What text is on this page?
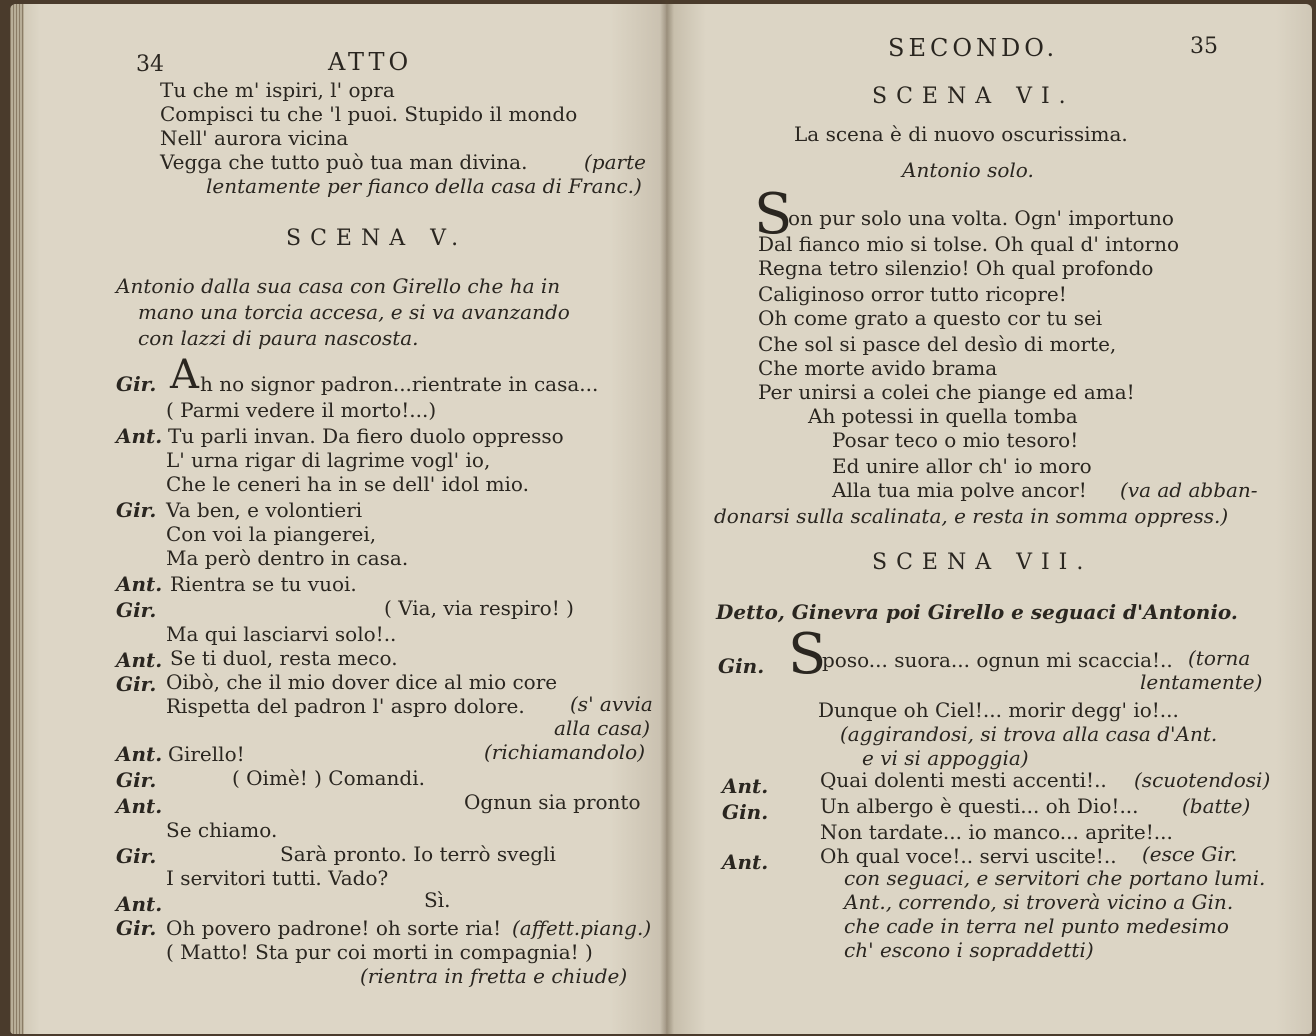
34	ATTO
Tu che m' ispiri, l' opra
Compisci tu che 'l puoi. Stupido il mondo
Nell' aurora vicina
Vegga che tutto può tua man divina.	(parte
lentamente per fianco della casa di Franc.)
SCENA V.
Antonio dalla sua casa con Girello che ha in
mano una torcia accesa, e si va avanzando
con lazzi di paura nascosta.
Gir. A h no signor padron...rientrate in casa...
( Parmi vedere il morto!...)
Ant. Tu parli invan. Da fiero duolo oppresso
L' urna rigar di lagrime vogl' io,
Che le ceneri ha in se dell' idol mio.
Gir. Va ben, e volontieri
Con voi la piangerei,
Ma però dentro in casa.
Ant. Rientra se tu vuoi.
Gir.	( Via, via respiro! )
Ma qui lasciarvi solo!..
Ant. Se ti duol, resta meco.
Gir. Oibò, che il mio dover dice al mio core
Rispetta del padron l' aspro dolore. (s' avvia
alla casa)
Ant. Girello!	(richiamandolo)
Gir.	( Oimè! ) Comandi.
Ant.	Ognun sia pronto
Se chiamo.
Gir.	Sarà pronto. Io terrò svegli
I servitori tutti. Vado?
Ant.	Sì.
Gir. Oh povero padrone! oh sorte ria! (affett.piang.)
( Matto! Sta pur coi morti in compagnia! )
(rientra in fretta e chiude)
SECONDO.	35
SCENA VI.
La scena è di nuovo oscurissima.
Antonio solo.
S
on pur solo una volta. Ogn' importuno
Dal fianco mio si tolse. Oh qual d' intorno
Regna tetro silenzio! Oh qual profondo
Caliginoso orror tutto ricopre!
Oh come grato a questo cor tu sei
Che sol si pasce del desìo di morte,
Che morte avido brama
Per unirsi a colei che piange ed ama!
Ah potessi in quella tomba
Posar teco o mio tesoro!
Ed unire allor ch' io moro
Alla tua mia polve ancor! (va ad abban-
donarsi sulla scalinata, e resta in somma oppress.)
SCENA VII.
Detto, Ginevra poi Girello e seguaci d'Antonio.
Gin. S
poso... suora... ognun mi scaccia!.. (torna
lentamente)
Dunque oh Ciel!... morir degg' io!...
(aggirandosi, si trova alla casa d'Ant.
e vi si appoggia)
Ant.	Quai dolenti mesti accenti!.. (scuotendosi)
Gin.	Un albergo è questi... oh Dio!... (batte)
Non tardate... io manco... aprite!...
Ant.	Oh qual voce!.. servi uscite!.. (esce Gir.
con seguaci, e servitori che portano lumi.
Ant., correndo, si troverà vicino a Gin.
che cade in terra nel punto medesimo
ch' escono i sopraddetti)
